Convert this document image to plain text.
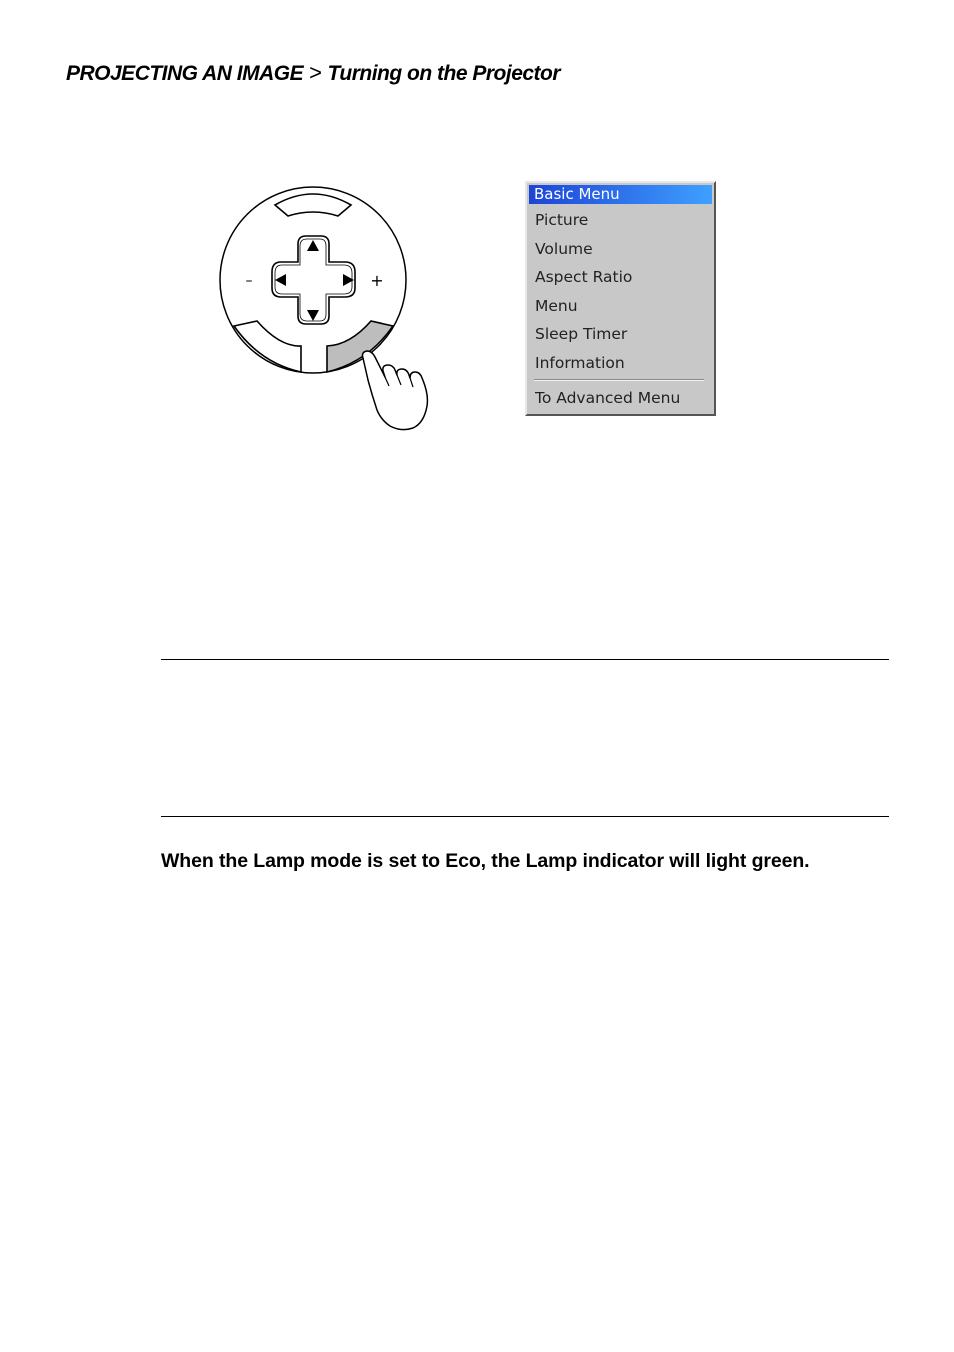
PROJECTING AN IMAGE > Turning on the Projector
–	+
Basic Menu
Picture
Volume
Aspect Ratio
Menu
Sleep Timer
Information
To Advanced Menu
When the Lamp mode is set to Eco, the Lamp indicator will light green.
